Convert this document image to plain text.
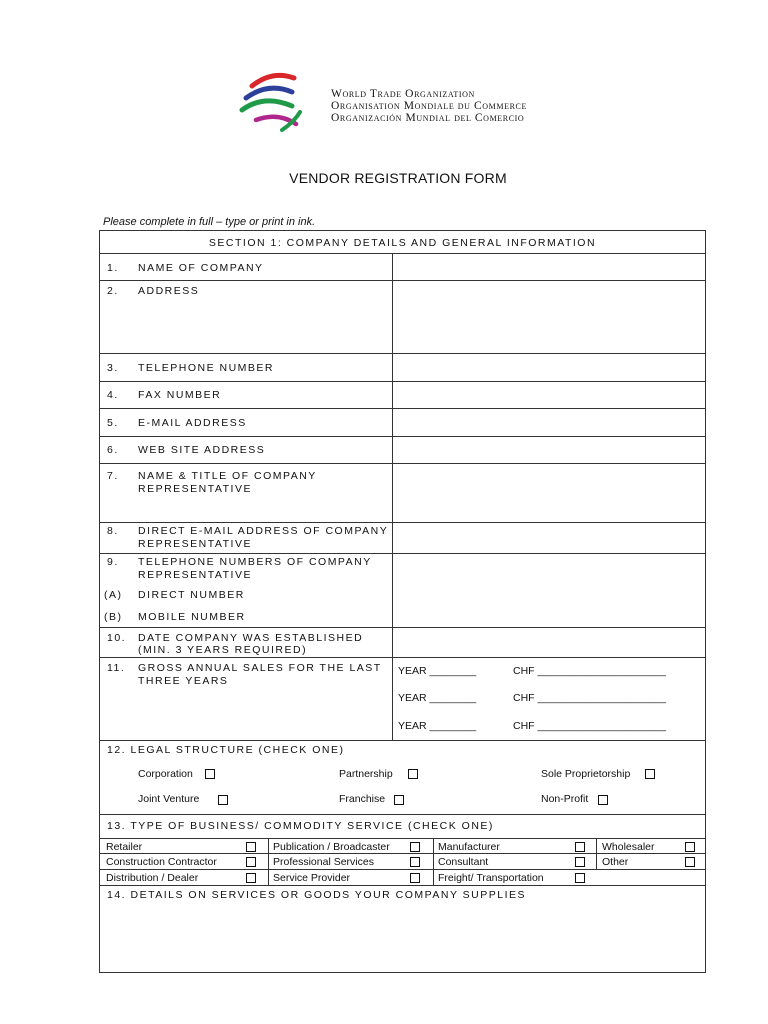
World Trade Organization
Organisation Mondiale du Commerce
Organización Mundial del Comercio
VENDOR REGISTRATION FORM
Please complete in full – type or print in ink.
SECTION 1: COMPANY DETAILS AND GENERAL INFORMATION
1. NAME OF COMPANY
2. ADDRESS
3. TELEPHONE NUMBER
4. FAX NUMBER
5. E-MAIL ADDRESS
6. WEB SITE ADDRESS
7. NAME & TITLE OF COMPANY
REPRESENTATIVE
8. DIRECT E-MAIL ADDRESS OF COMPANY
REPRESENTATIVE
9. TELEPHONE NUMBERS OF COMPANY
REPRESENTATIVE
(A) DIRECT NUMBER
(B) MOBILE NUMBER
10. DATE COMPANY WAS ESTABLISHED
(MIN. 3 YEARS REQUIRED)
11. GROSS ANNUAL SALES FOR THE LAST
THREE YEARS
YEAR ________	CHF ______________________
YEAR ________	CHF ______________________
YEAR ________	CHF ______________________
12. LEGAL STRUCTURE (CHECK ONE)
Corporation	Partnership	Sole Proprietorship
Joint Venture	Franchise	Non-Profit
13. TYPE OF BUSINESS/ COMMODITY SERVICE (CHECK ONE)
Retailer	Publication / Broadcaster	Manufacturer	Wholesaler
Construction Contractor	Professional Services	Consultant	Other
Distribution / Dealer	Service Provider	Freight/ Transportation
14. DETAILS ON SERVICES OR GOODS YOUR COMPANY SUPPLIES
